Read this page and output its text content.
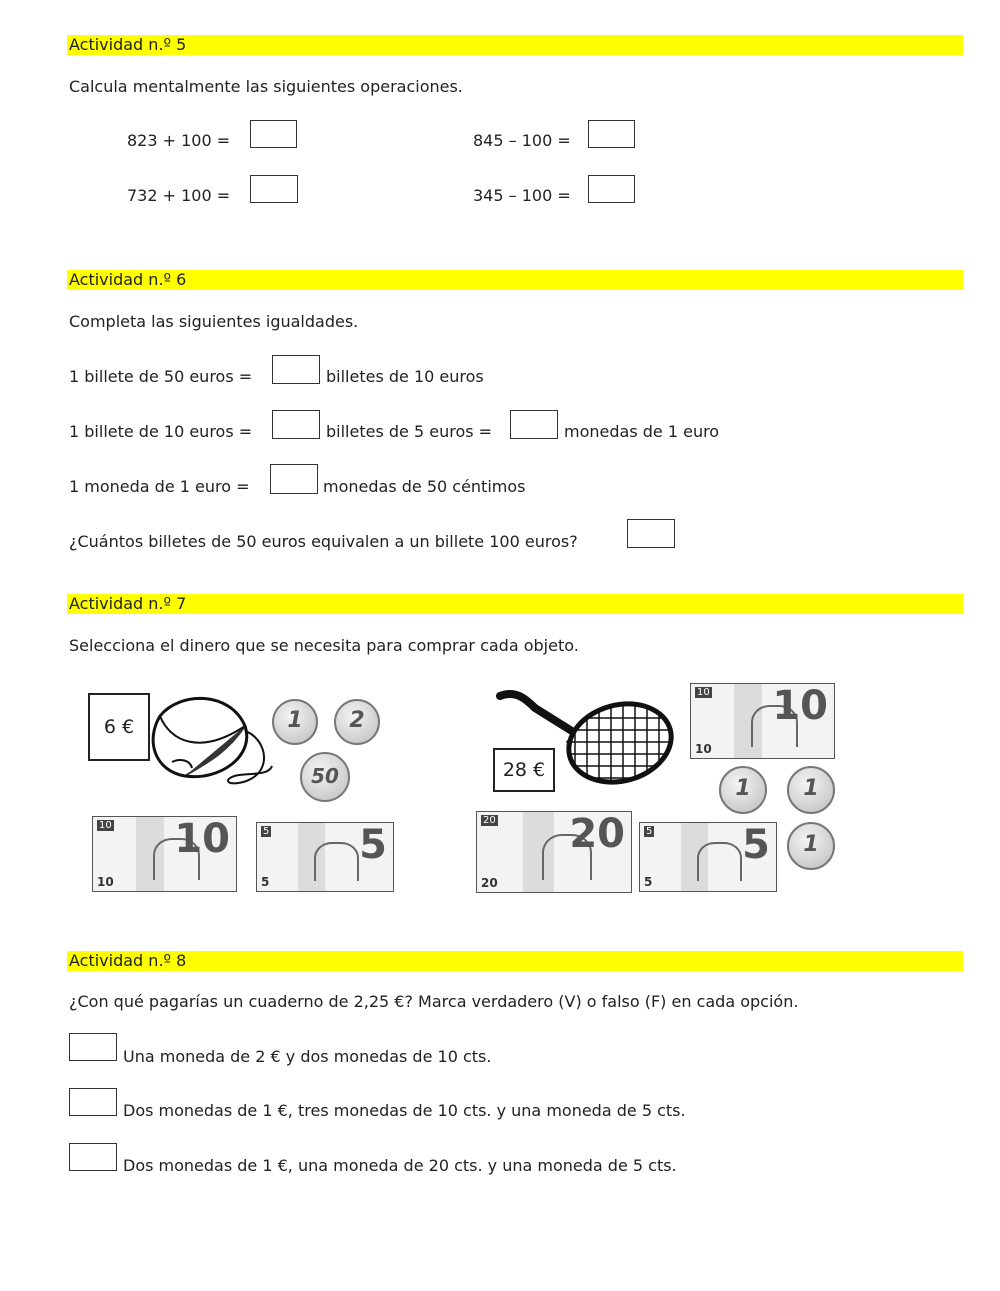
Actividad n.º 5
Calcula mentalmente las siguientes operaciones.
823 + 100 =	845 – 100 =
732 + 100 =	345 – 100 =
Actividad n.º 6
Completa las siguientes igualdades.
1 billete de 50 euros =	billetes de 10 euros
1 billete de 10 euros =	billetes de 5 euros =	monedas de 1 euro
1 moneda de 1 euro =	monedas de 50 céntimos
¿Cuántos billetes de 50 euros equivalen a un billete 100 euros?
Actividad n.º 7
Selecciona el dinero que se necesita para comprar cada objeto.
6 €	1	2
50
10 10
10
5 5
5
28 €
10 10
10
1	1
1
20 20
20
5 5
5
Actividad n.º 8
¿Con qué pagarías un cuaderno de 2,25 €? Marca verdadero (V) o falso (F) en cada opción.
Una moneda de 2 € y dos monedas de 10 cts.
Dos monedas de 1 €, tres monedas de 10 cts. y una moneda de 5 cts.
Dos monedas de 1 €, una moneda de 20 cts. y una moneda de 5 cts.
